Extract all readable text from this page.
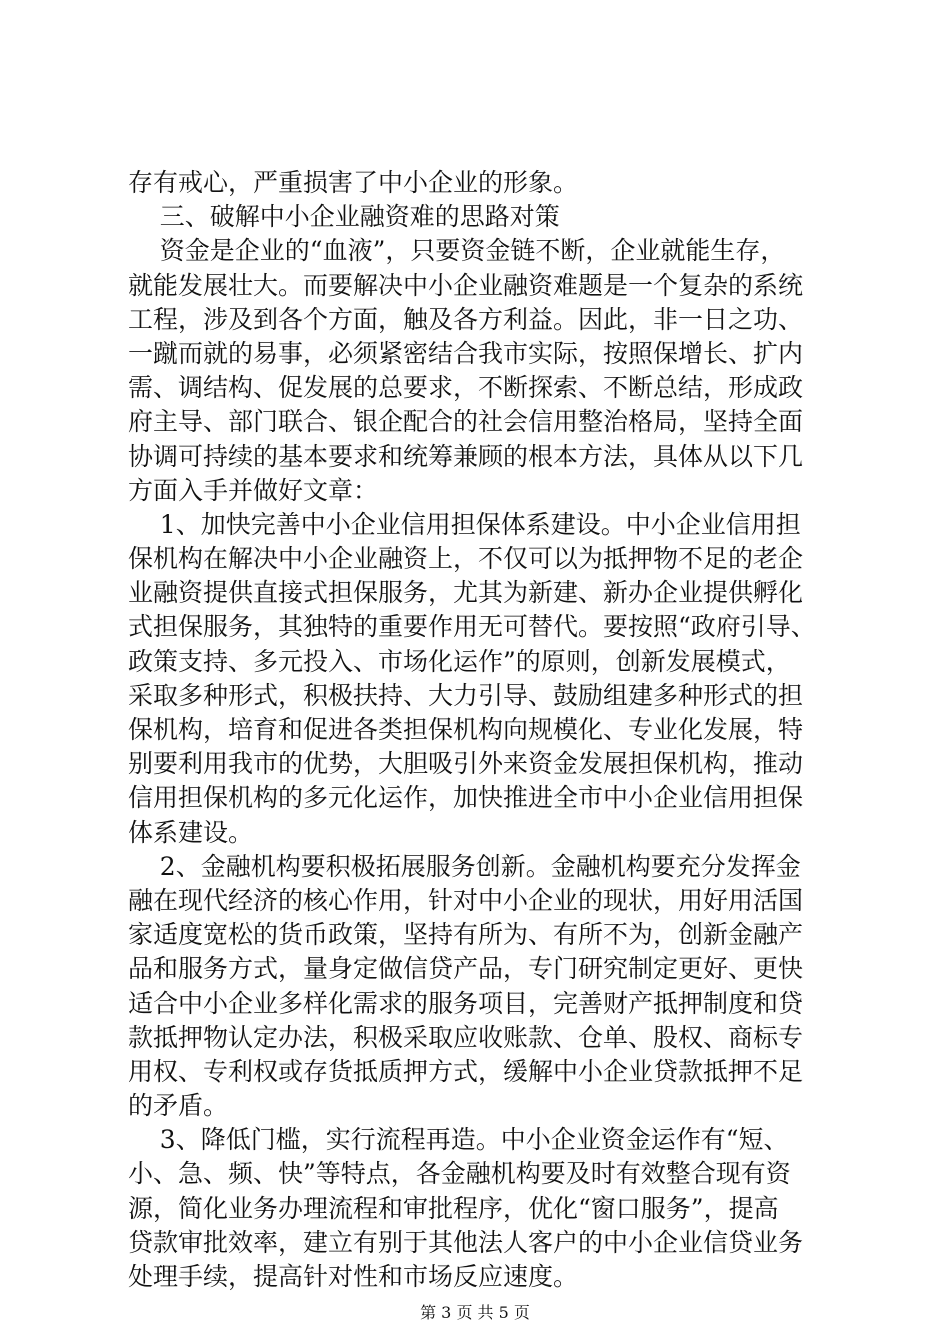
存有戒心，严重损害了中小企业的形象。
三、破解中小企业融资难的思路对策
资金是企业的“血液”，只要资金链不断，企业就能生存，
就能发展壮大。而要解决中小企业融资难题是一个复杂的系统
工程，涉及到各个方面，触及各方利益。因此，非一日之功、
一蹴而就的易事，必须紧密结合我市实际，按照保增长、扩内
需、调结构、促发展的总要求，不断探索、不断总结，形成政
府主导、部门联合、银企配合的社会信用整治格局，坚持全面
协调可持续的基本要求和统筹兼顾的根本方法，具体从以下几
方面入手并做好文章：
1、加快完善中小企业信用担保体系建设。中小企业信用担
保机构在解决中小企业融资上，不仅可以为抵押物不足的老企
业融资提供直接式担保服务，尤其为新建、新办企业提供孵化
式担保服务，其独特的重要作用无可替代。要按照“政府引导、
政策支持、多元投入、市场化运作”的原则，创新发展模式，
采取多种形式，积极扶持、大力引导、鼓励组建多种形式的担
保机构，培育和促进各类担保机构向规模化、专业化发展，特
别要利用我市的优势，大胆吸引外来资金发展担保机构，推动
信用担保机构的多元化运作，加快推进全市中小企业信用担保
体系建设。
2、金融机构要积极拓展服务创新。金融机构要充分发挥金
融在现代经济的核心作用，针对中小企业的现状，用好用活国
家适度宽松的货币政策，坚持有所为、有所不为，创新金融产
品和服务方式，量身定做信贷产品，专门研究制定更好、更快
适合中小企业多样化需求的服务项目，完善财产抵押制度和贷
款抵押物认定办法，积极采取应收账款、仓单、股权、商标专
用权、专利权或存货抵质押方式，缓解中小企业贷款抵押不足
的矛盾。
3、降低门槛，实行流程再造。中小企业资金运作有“短、
小、急、频、快”等特点，各金融机构要及时有效整合现有资
源，简化业务办理流程和审批程序，优化“窗口服务”，提高
贷款审批效率，建立有别于其他法人客户的中小企业信贷业务
处理手续，提高针对性和市场反应速度。
第 3 页 共 5 页
